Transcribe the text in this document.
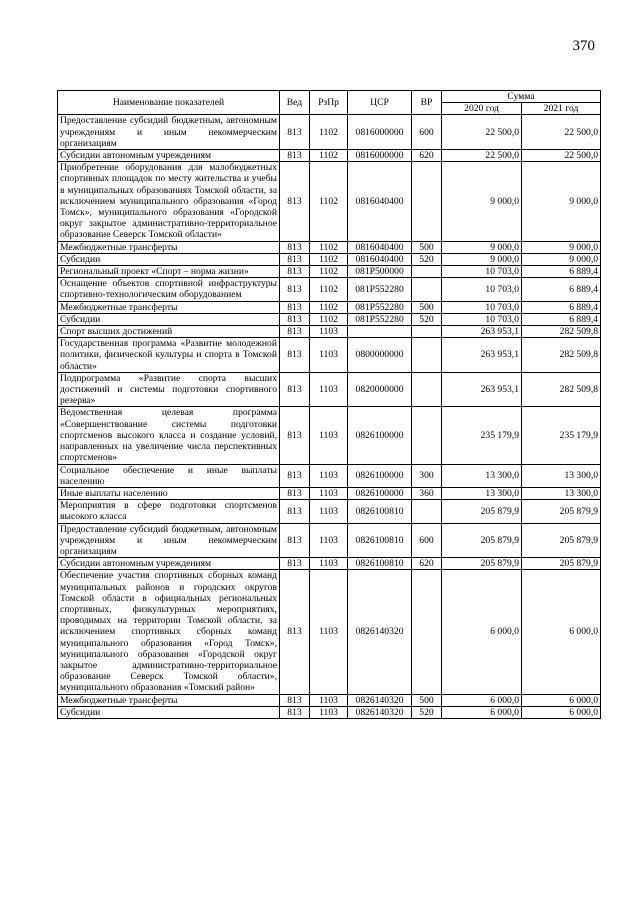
370
Наименование показателей	Вед	РзПр	ЦСР	ВР	Сумма	
					2020 год	2021 год
Предоставление субсидий бюджетным, автономным учреждениям и иным некоммерческим организациям	813	1102	0816000000	600	22 500,0	22 500,0
Субсидии автономным учреждениям	813	1102	0816000000	620	22 500,0	22 500,0
Приобретение оборудования для малобюджетных спортивных площадок по месту жительства и учебы в муниципальных образованиях Томской области, за исключением муниципального образования «Город Томск», муниципального образования «Городской округ закрытое административно-территориальное образование Северск Томской области»	813	1102	0816040400		9 000,0	9 000,0
Межбюджетные трансферты	813	1102	0816040400	500	9 000,0	9 000,0
Субсидии	813	1102	0816040400	520	9 000,0	9 000,0
Региональный проект «Спорт – норма жизни»	813	1102	081P500000		10 703,0	6 889,4
Оснащение объектов спортивной инфраструктуры спортивно-технологическим оборудованием	813	1102	081P552280		10 703,0	6 889,4
Межбюджетные трансферты	813	1102	081P552280	500	10 703,0	6 889,4
Субсидии	813	1102	081P552280	520	10 703,0	6 889,4
Спорт высших достижений	813	1103			263 953,1	282 509,8
Государственная программа «Развитие молодежной политики, физической культуры и спорта в Томской области»	813	1103	0800000000		263 953,1	282 509,8
Подпрограмма «Развитие спорта высших достижений и системы подготовки спортивного резерва»	813	1103	0820000000		263 953,1	282 509,8
Ведомственная целевая программа «Совершенствование системы подготовки спортсменов высокого класса и создание условий, направленных на увеличение числа перспективных спортсменов»	813	1103	0826100000		235 179,9	235 179,9
Социальное обеспечение и иные выплаты населению	813	1103	0826100000	300	13 300,0	13 300,0
Иные выплаты населению	813	1103	0826100000	360	13 300,0	13 300,0
Мероприятия в сфере подготовки спортсменов высокого класса	813	1103	0826100810		205 879,9	205 879,9
Предоставление субсидий бюджетным, автономным учреждениям и иным некоммерческим организациям	813	1103	0826100810	600	205 879,9	205 879,9
Субсидии автономным учреждениям	813	1103	0826100810	620	205 879,9	205 879,9
Обеспечение участия спортивных сборных команд муниципальных районов и городских округов Томской области в официальных региональных спортивных, физкультурных мероприятиях, проводимых на территории Томской области, за исключением спортивных сборных команд муниципального образования «Город Томск», муниципального образования «Городской округ закрытое административно-территориальное образование Северск Томской области», муниципального образования «Томский район»	813	1103	0826140320		6 000,0	6 000,0
Межбюджетные трансферты	813	1103	0826140320	500	6 000,0	6 000,0
Субсидии	813	1103	0826140320	520	6 000,0	6 000,0
